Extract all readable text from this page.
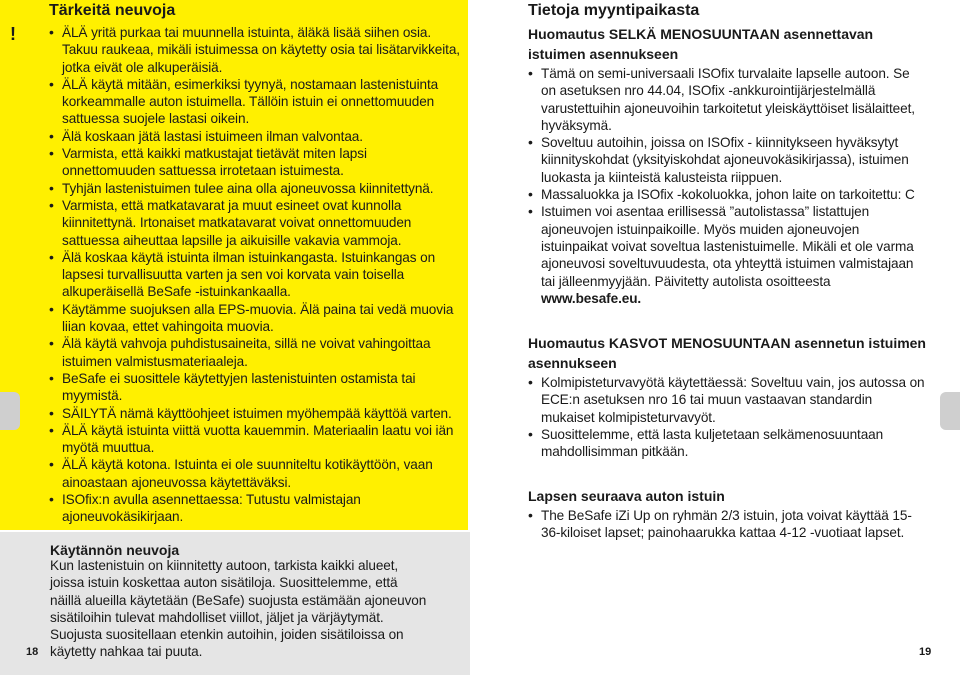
!
Tärkeitä neuvoja
• ÄLÄ yritä purkaa tai muunnella istuinta, äläkä lisää siihen osia. Takuu raukeaa, mikäli istuimessa on käytetty osia tai lisätarvikkeita, jotka eivät ole alkuperäisiä.
• ÄLÄ käytä mitään, esimerkiksi tyynyä, nostamaan lastenistuinta korkeammalle auton istuimella. Tällöin istuin ei onnettomuuden sattuessa suojele lastasi oikein.
• Älä koskaan jätä lastasi istuimeen ilman valvontaa.
• Varmista, että kaikki matkustajat tietävät miten lapsi onnettomuuden sattuessa irrotetaan istuimesta.
• Tyhjän lastenistuimen tulee aina olla ajoneuvossa kiinnitettynä.
• Varmista, että matkatavarat ja muut esineet ovat kunnolla kiinnitettynä. Irtonaiset matkatavarat voivat onnettomuuden sattuessa aiheuttaa lapsille ja aikuisille vakavia vammoja.
• Älä koskaa käytä istuinta ilman istuinkangasta. Istuinkangas on lapsesi turvallisuutta varten ja sen voi korvata vain toisella alkuperäisellä BeSafe -istuinkankaalla.
• Käytämme suojuksen alla EPS-muovia. Älä paina tai vedä muovia liian kovaa, ettet vahingoita muovia.
• Älä käytä vahvoja puhdistusaineita, sillä ne voivat vahingoittaa istuimen valmistusmateriaaleja.
• BeSafe ei suosittele käytettyjen lastenistuinten ostamista tai myymistä.
• SÄILYTÄ nämä käyttöohjeet istuimen myöhempää käyttöä varten.
• ÄLÄ käytä istuinta viittä vuotta kauemmin. Materiaalin laatu voi iän myötä muuttua.
• ÄLÄ käytä kotona. Istuinta ei ole suunniteltu kotikäyttöön, vaan ainoastaan ajoneuvossa käytettäväksi.
• ISOfix:n avulla asennettaessa: Tutustu valmistajan ajoneuvokäsikirjaan.
Käytännön neuvoja
Kun lastenistuin on kiinnitetty autoon, tarkista kaikki alueet, joissa istuin koskettaa auton sisätiloja. Suosittelemme, että näillä alueilla käytetään (BeSafe) suojusta estämään ajoneuvon sisätiloihin tulevat mahdolliset viillot, jäljet ja värjäytymät. Suojusta suositellaan etenkin autoihin, joiden sisätiloissa on käytetty nahkaa tai puuta.
18
Tietoja myyntipaikasta
Huomautus SELKÄ MENOSUUNTAAN asennettavan istuimen asennukseen
• Tämä on semi-universaali ISOfix turvalaite lapselle autoon. Se on asetuksen nro 44.04, ISOfix -ankkurointijärjestelmällä varustettuihin ajoneuvoihin tarkoitetut yleiskäyttöiset lisälaitteet, hyväksymä.
• Soveltuu autoihin, joissa on ISOfix - kiinnitykseen hyväksytyt kiinnityskohdat (yksityiskohdat ajoneuvokäsikirjassa), istuimen luokasta ja kiinteistä kalusteista riippuen.
• Massaluokka ja ISOfix -kokoluokka, johon laite on tarkoitettu: C
• Istuimen voi asentaa erillisessä ”autolistassa” listattujen ajoneuvojen istuinpaikoille. Myös muiden ajoneuvojen istuinpaikat voivat soveltua lastenistuimelle. Mikäli et ole varma ajoneuvosi soveltuvuudesta, ota yhteyttä istuimen valmistajaan tai jälleenmyyjään. Päivitetty autolista osoitteesta www.besafe.eu.
Huomautus KASVOT MENOSUUNTAAN asennetun istuimen asennukseen
• Kolmipisteturvavyötä käytettäessä: Soveltuu vain, jos autossa on ECE:n asetuksen nro 16 tai muun vastaavan standardin mukaiset kolmipisteturvavyöt.
• Suosittelemme, että lasta kuljetetaan selkämenosuuntaan mahdollisimman pitkään.
Lapsen seuraava auton istuin
• The BeSafe iZi Up on ryhmän 2/3 istuin, jota voivat käyttää 15-36-kiloiset lapset; painohaarukka kattaa 4-12 -vuotiaat lapset.
19
